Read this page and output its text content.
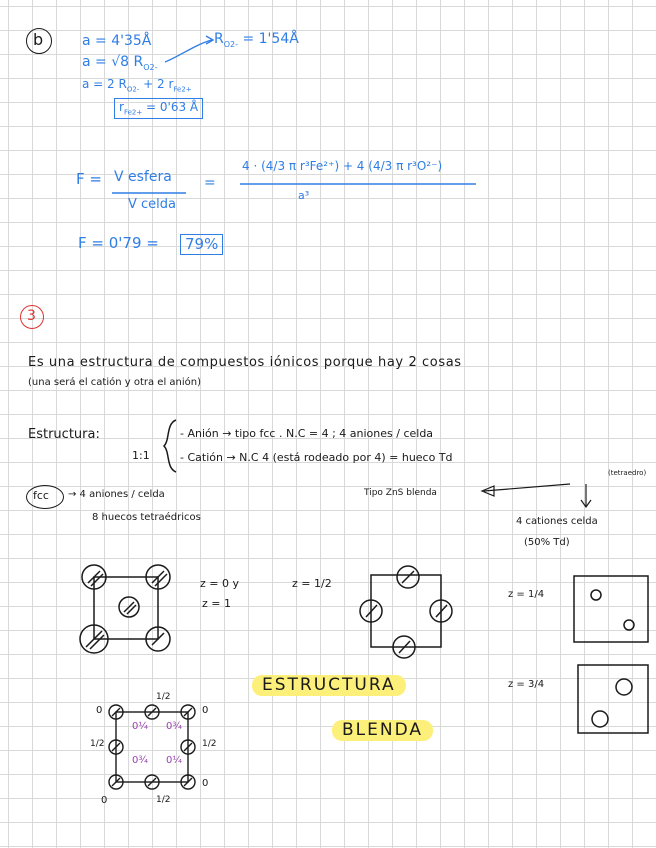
b	a = 4'35Å	$R_{O2-}$ = 1'54Å
a = √8 $R_{O2-}$
a = 2 $R_{O2-} + 2$ $r_{Fe2+}$
$r_{Fe2+} = 0'63$ Å
F = V esfera
V celda
=
4 · (4/3 π r³Fe²⁺) + 4 (4/3 π r³O²⁻)
a³
F = 0'79 =	79%
3
Es una estructura de compuestos iónicos porque hay 2 cosas
(una será el catión y otra el anión)
Estructura:
1:1
- Anión → tipo fcc . N.C = 4 ; 4 aniones / celda
- Catión → N.C 4 (está rodeado por 4) = hueco Td
(tetraedro)
fcc → 4 aniones / celda
8 huecos tetraédricos
Tipo ZnS blenda
4 cationes celda
(50% Td)
z = 0 y
z = 1
z = 1/2
z = 1/4
z = 3/4
ESTRUCTURA
BLENDA
1/2
1/2
1/2	1/2
0	0
0
0
0¼ 0¾
0¾ 0¼
